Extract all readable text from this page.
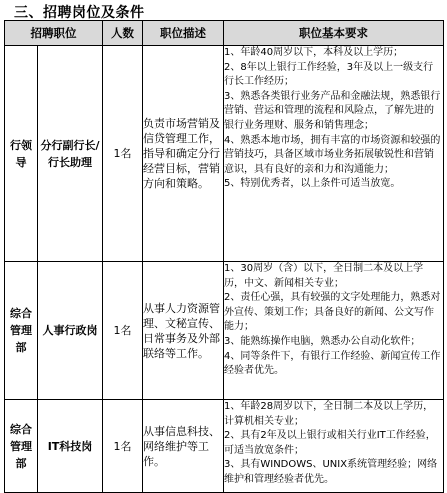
三、招聘岗位及条件
招聘职位		人数	职位描述	职位基本要求
行领导	分行副行长/行长助理	1名	负责市场营销及信贷管理工作，指导和确定分行经营目标，营销方向和策略。	1、年龄40周岁以下，本科及以上学历；
2、8年以上银行工作经验，3年及以上一级支行行长工作经历；
3、熟悉各类银行业务产品和金融法规，熟悉银行营销、营运和管理的流程和风险点，了解先进的银行业务理财、服务和销售理念；
4、熟悉本地市场，拥有丰富的市场资源和较强的营销技巧，具备区域市场业务拓展敏锐性和营销意识，具有良好的亲和力和沟通能力；
5、特别优秀者，以上条件可适当放宽。

综合管理部	人事行政岗	1名	从事人力资源管理、文秘宣传、日常事务及外部联络等工作。	1、30周岁（含）以下，全日制二本及以上学历，中文、新闻相关专业；
2、责任心强，具有较强的文字处理能力，熟悉对外宣传、策划工作；具备良好的新闻、公文写作能力；
3、能熟练操作电脑，熟悉办公自动化软件；
4、同等条件下，有银行工作经验、新闻宣传工作经验者优先。

综合管理部	IT科技岗	1名	从事信息科技、网络维护等工作。	1、年龄28周岁以下，全日制二本及以上学历，计算机相关专业；
2、具有2年及以上银行或相关行业IT工作经验，可适当放宽条件；
3、具有WINDOWS、UNIX系统管理经验；网络维护和管理经验者优先。
